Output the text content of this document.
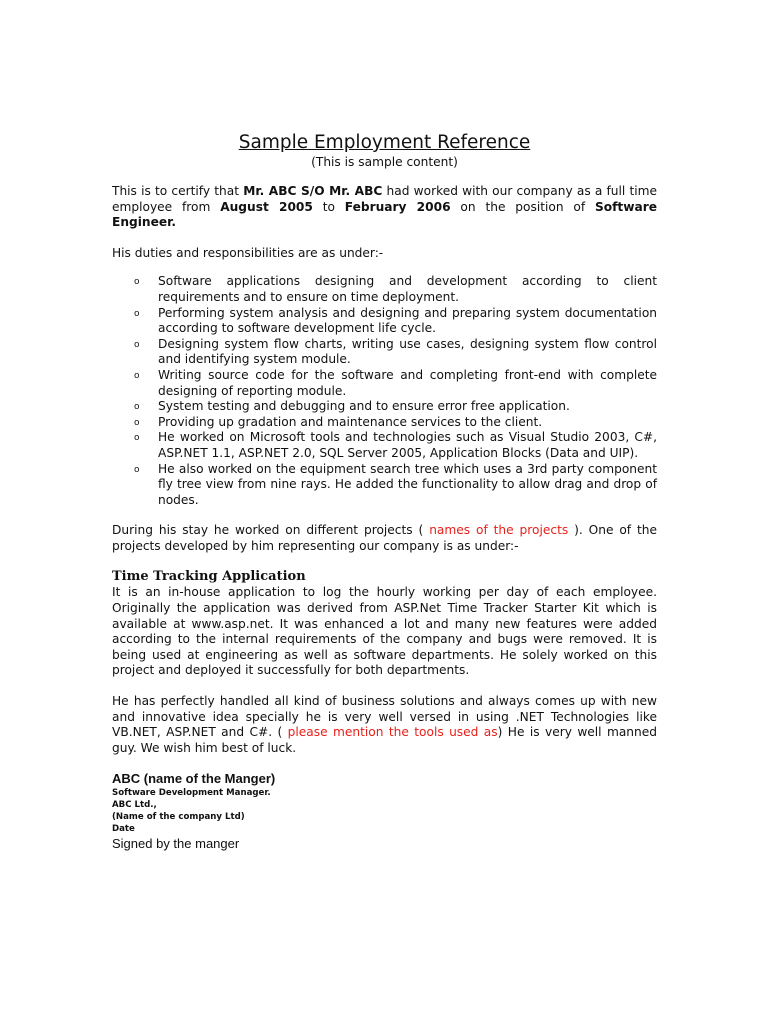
Sample Employment Reference
(This is sample content)

This is to certify that Mr. ABC S/O Mr. ABC had worked with our company as a full time employee from August 2005 to February 2006 on the position of Software Engineer.

His duties and responsibilities are as under:-

o Software applications designing and development according to client requirements and to ensure on time deployment.
o Performing system analysis and designing and preparing system documentation according to software development life cycle.
o Designing system flow charts, writing use cases, designing system flow control and identifying system module.
o Writing source code for the software and completing front-end with complete designing of reporting module.
o System testing and debugging and to ensure error free application.
o Providing up gradation and maintenance services to the client.
o He worked on Microsoft tools and technologies such as Visual Studio 2003, C#, ASP.NET 1.1, ASP.NET 2.0, SQL Server 2005, Application Blocks (Data and UIP).
o He also worked on the equipment search tree which uses a 3rd party component fly tree view from nine rays. He added the functionality to allow drag and drop of nodes.

During his stay he worked on different projects ( names of the projects ). One of the projects developed by him representing our company is as under:-

Time Tracking Application

It is an in-house application to log the hourly working per day of each employee. Originally the application was derived from ASP.Net Time Tracker Starter Kit which is available at www.asp.net. It was enhanced a lot and many new features were added according to the internal requirements of the company and bugs were removed. It is being used at engineering as well as software departments. He solely worked on this project and deployed it successfully for both departments.

He has perfectly handled all kind of business solutions and always comes up with new and innovative idea specially he is very well versed in using .NET Technologies like VB.NET, ASP.NET and C#. ( please mention the tools used as) He is very well manned guy. We wish him best of luck.

ABC (name of the Manger)
Software Development Manager.
ABC Ltd.,
(Name of the company Ltd)
Date
Signed by the manger
